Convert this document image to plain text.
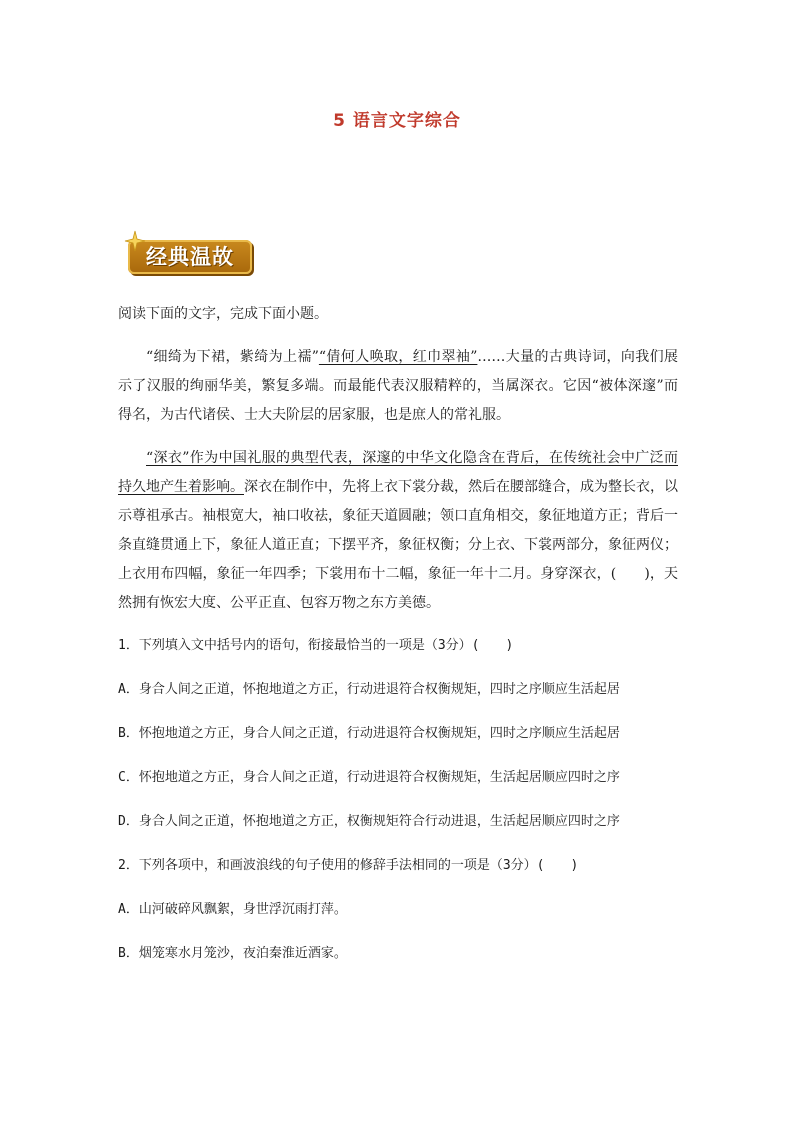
5 语言文字综合
经典温故

阅读下面的文字，完成下面小题。

“细绮为下裙，紫绮为上襦”“倩何人唤取，红巾翠袖”……大量的古典诗词，向我们展示了汉服的绚丽华美，繁复多端。而最能代表汉服精粹的，当属深衣。它因“被体深邃”而得名，为古代诸侯、士大夫阶层的居家服，也是庶人的常礼服。

“深衣”作为中国礼服的典型代表，深邃的中华文化隐含在背后，在传统社会中广泛而持久地产生着影响。深衣在制作中，先将上衣下裳分裁，然后在腰部缝合，成为整长衣，以示尊祖承古。袖根宽大，袖口收祛，象征天道圆融；领口直角相交，象征地道方正；背后一条直缝贯通上下，象征人道正直；下摆平齐，象征权衡；分上衣、下裳两部分，象征两仪；上衣用布四幅，象征一年四季；下裳用布十二幅，象征一年十二月。身穿深衣，(　　)，天然拥有恢宏大度、公平正直、包容万物之东方美德。

1．下列填入文中括号内的语句，衔接最恰当的一项是（3分）(　　)

A．身合人间之正道，怀抱地道之方正，行动进退符合权衡规矩，四时之序顺应生活起居

B．怀抱地道之方正，身合人间之正道，行动进退符合权衡规矩，四时之序顺应生活起居

C．怀抱地道之方正，身合人间之正道，行动进退符合权衡规矩，生活起居顺应四时之序

D．身合人间之正道，怀抱地道之方正，权衡规矩符合行动进退，生活起居顺应四时之序

2．下列各项中，和画波浪线的句子使用的修辞手法相同的一项是（3分）(　　)

A．山河破碎风飘絮，身世浮沉雨打萍。

B．烟笼寒水月笼沙，夜泊秦淮近酒家。
